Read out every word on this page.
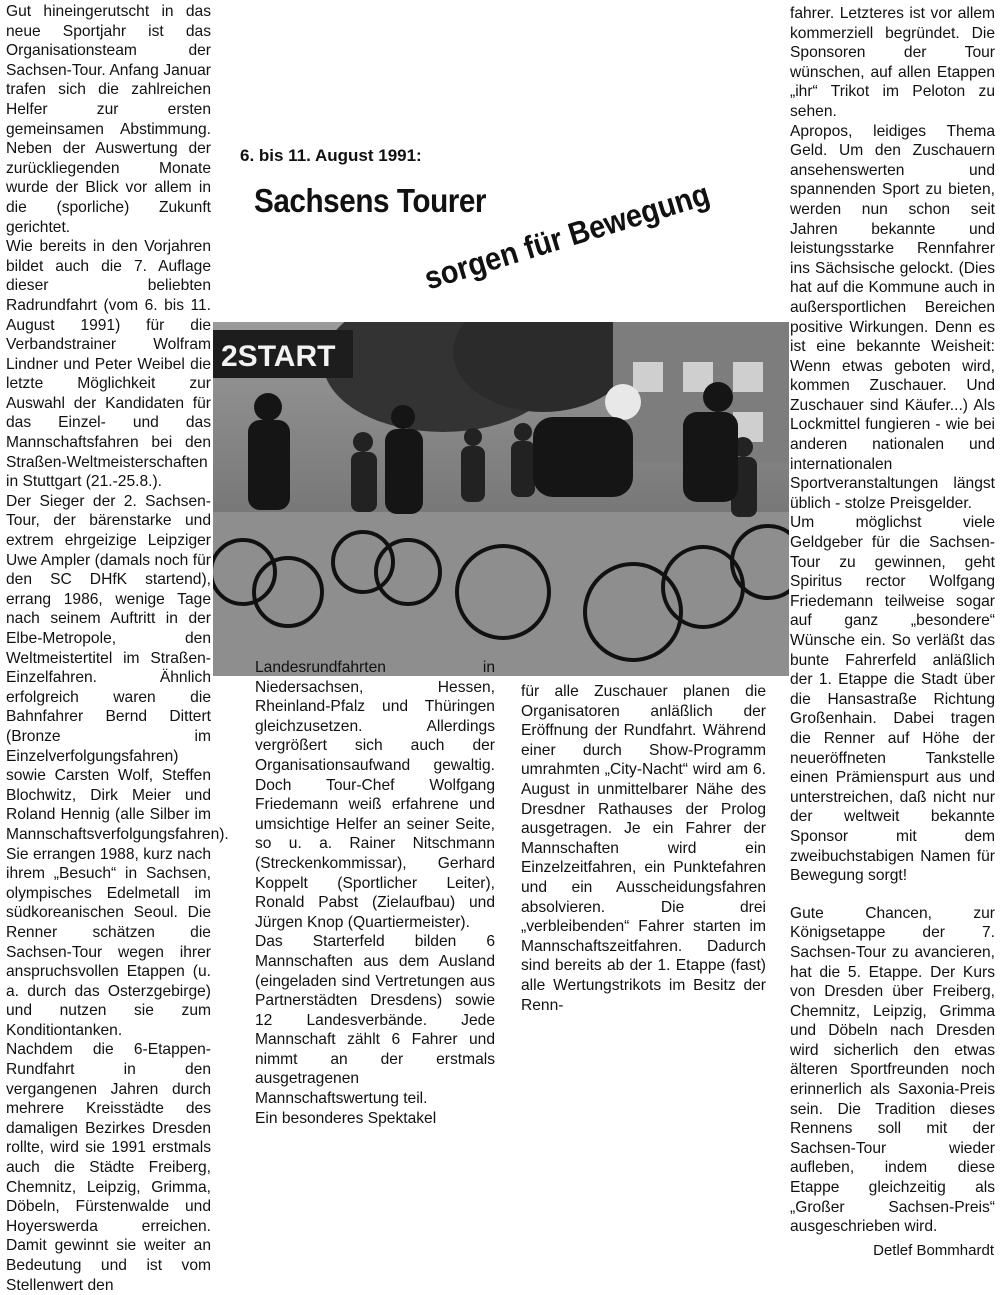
Gut hineingerutscht in das neue Sportjahr ist das Organisationsteam der Sachsen-Tour. Anfang Januar trafen sich die zahlreichen Helfer zur ersten gemeinsamen Abstimmung. Neben der Auswertung der zurückliegenden Monate wurde der Blick vor allem in die (sporliche) Zukunft gerichtet.

Wie bereits in den Vorjahren bildet auch die 7. Auflage dieser beliebten Radrundfahrt (vom 6. bis 11. August 1991) für die Verbandstrainer Wolfram Lindner und Peter Weibel die letzte Möglichkeit zur Auswahl der Kandidaten für das Einzel- und das Mannschaftsfahren bei den Straßen-Weltmeisterschaften in Stuttgart (21.-25.8.).

Der Sieger der 2. Sachsen-Tour, der bärenstarke und extrem ehrgeizige Leipziger Uwe Ampler (damals noch für den SC DHfK startend), errang 1986, wenige Tage nach seinem Auftritt in der Elbe-Metropole, den Weltmeistertitel im Straßen-Einzelfahren. Ähnlich erfolgreich waren die Bahnfahrer Bernd Dittert (Bronze im Einzelverfolgungsfahren) sowie Carsten Wolf, Steffen Blochwitz, Dirk Meier und Roland Hennig (alle Silber im Mannschaftsverfolgungsfahren). Sie errangen 1988, kurz nach ihrem „Besuch“ in Sachsen, olympisches Edelmetall im südkoreanischen Seoul. Die Renner schätzen die Sachsen-Tour wegen ihrer anspruchsvollen Etappen (u. a. durch das Osterzgebirge) und nutzen sie zum Konditiontanken.

Nachdem die 6-Etappen-Rundfahrt in den vergangenen Jahren durch mehrere Kreisstädte des damaligen Bezirkes Dresden rollte, wird sie 1991 erstmals auch die Städte Freiberg, Chemnitz, Leipzig, Grimma, Döbeln, Fürstenwalde und Hoyerswerda erreichen. Damit gewinnt sie weiter an Bedeutung und ist vom Stellenwert den

6. bis 11. August 1991:
Sachsens Tourer
sorgen für Bewegung
2START

Landesrundfahrten in Niedersachsen, Hessen, Rheinland-Pfalz und Thüringen gleichzusetzen. Allerdings vergrößert sich auch der Organisationsaufwand gewaltig. Doch Tour-Chef Wolfgang Friedemann weiß erfahrene und umsichtige Helfer an seiner Seite, so u. a. Rainer Nitschmann (Streckenkommissar), Gerhard Koppelt (Sportlicher Leiter), Ronald Pabst (Zielaufbau) und Jürgen Knop (Quartiermeister).

Das Starterfeld bilden 6 Mannschaften aus dem Ausland (eingeladen sind Vertretungen aus Partnerstädten Dresdens) sowie 12 Landesverbände. Jede Mannschaft zählt 6 Fahrer und nimmt an der erstmals ausgetragenen Mannschaftswertung teil.

Ein besonderes Spektakel

für alle Zuschauer planen die Organisatoren anläßlich der Eröffnung der Rundfahrt. Während einer durch Show-Programm umrahmten „City-Nacht“ wird am 6. August in unmittelbarer Nähe des Dresdner Rathauses der Prolog ausgetragen. Je ein Fahrer der Mannschaften wird ein Einzelzeitfahren, ein Punktefahren und ein Ausscheidungsfahren absolvieren. Die drei „verbleibenden“ Fahrer starten im Mannschaftszeitfahren. Dadurch sind bereits ab der 1. Etappe (fast) alle Wertungstrikots im Besitz der Renn-

fahrer. Letzteres ist vor allem kommerziell begründet. Die Sponsoren der Tour wünschen, auf allen Etappen „ihr“ Trikot im Peloton zu sehen.

Apropos, leidiges Thema Geld. Um den Zuschauern ansehenswerten und spannenden Sport zu bieten, werden nun schon seit Jahren bekannte und leistungsstarke Rennfahrer ins Sächsische gelockt. (Dies hat auf die Kommune auch in außersportlichen Bereichen positive Wirkungen. Denn es ist eine bekannte Weisheit: Wenn etwas geboten wird, kommen Zuschauer. Und Zuschauer sind Käufer...) Als Lockmittel fungieren - wie bei anderen nationalen und internationalen Sportveranstaltungen längst üblich - stolze Preisgelder.

Um möglichst viele Geldgeber für die Sachsen-Tour zu gewinnen, geht Spiritus rector Wolfgang Friedemann teilweise sogar auf ganz „besondere“ Wünsche ein. So verläßt das bunte Fahrerfeld anläßlich der 1. Etappe die Stadt über die Hansastraße Richtung Großenhain. Dabei tragen die Renner auf Höhe der neueröffneten Tankstelle einen Prämienspurt aus und unterstreichen, daß nicht nur der weltweit bekannte Sponsor mit dem zweibuchstabigen Namen für Bewegung sorgt!

Gute Chancen, zur Königsetappe der 7. Sachsen-Tour zu avancieren, hat die 5. Etappe. Der Kurs von Dresden über Freiberg, Chemnitz, Leipzig, Grimma und Döbeln nach Dresden wird sicherlich den etwas älteren Sportfreunden noch erinnerlich als Saxonia-Preis sein. Die Tradition dieses Rennens soll mit der Sachsen-Tour wieder aufleben, indem diese Etappe gleichzeitig als „Großer Sachsen-Preis“ ausgeschrieben wird.

Detlef Bommhardt
